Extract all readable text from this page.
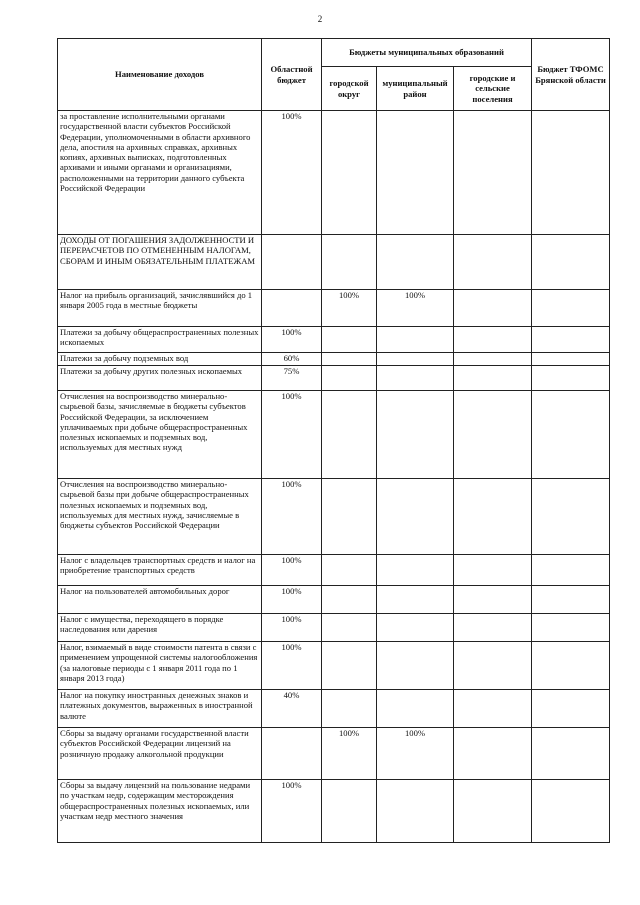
2
Наименование доходов	Областной бюджет	Бюджеты муниципальных образований			Бюджет ТФОМС Брянской области
		городской округ	муниципальный район	городские и сельские поселения	
за проставление исполнительными органами государственной власти субъектов Российской Федерации, уполномоченными в области архивного дела, апостиля на архивных справках, архивных копиях, архивных выписках, подготовленных архивами и иными органами и организациями, расположенными на территории данного субъекта Российской Федерации	100%				
ДОХОДЫ ОТ ПОГАШЕНИЯ ЗАДОЛЖЕННОСТИ И ПЕРЕРАСЧЕТОВ ПО ОТМЕНЕННЫМ НАЛОГАМ, СБОРАМ И ИНЫМ ОБЯЗАТЕЛЬНЫМ ПЛАТЕЖАМ					
Налог на прибыль организаций, зачислявшийся до 1 января 2005 года в местные бюджеты		100%	100%		
Платежи за добычу общераспространенных полезных ископаемых	100%				
Платежи за добычу подземных вод	60%				
Платежи за добычу других полезных ископаемых	75%				
Отчисления на воспроизводство минерально-сырьевой базы, зачисляемые в бюджеты субъектов Российской Федерации, за исключением уплачиваемых при добыче общераспространенных полезных ископаемых и подземных вод, используемых для местных нужд	100%				
Отчисления на воспроизводство минерально-сырьевой базы при добыче общераспространенных полезных ископаемых и подземных вод, используемых для местных нужд, зачисляемые в бюджеты субъектов Российской Федерации	100%				
Налог с владельцев транспортных средств и налог на приобретение транспортных средств	100%				
Налог на пользователей автомобильных дорог	100%				
Налог с имущества, переходящего в порядке наследования или дарения	100%				
Налог, взимаемый в виде стоимости патента в связи с применением упрощенной системы налогообложения (за налоговые периоды с 1 января 2011 года по 1 января 2013 года)	100%				
Налог на покупку иностранных денежных знаков и платежных документов, выраженных в иностранной валюте	40%				
Сборы за выдачу органами государственной власти субъектов Российской Федерации лицензий на розничную продажу алкогольной продукции		100%	100%		
Сборы за выдачу лицензий на пользование недрами по участкам недр, содержащим месторождения общераспространенных полезных ископаемых, или участкам недр местного значения	100%				
